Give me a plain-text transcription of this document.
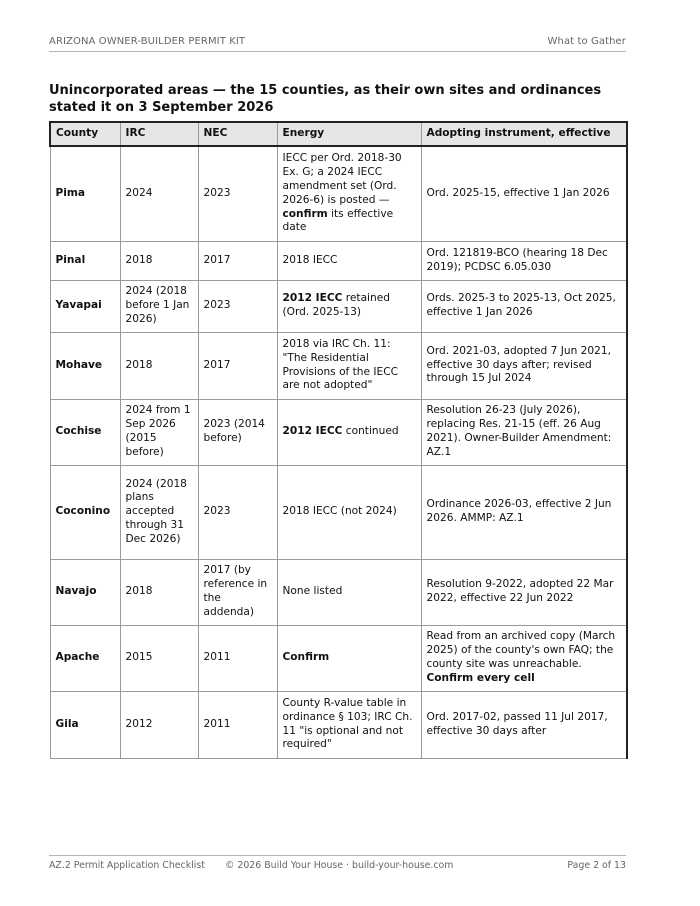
ARIZONA OWNER-BUILDER PERMIT KIT	What to Gather
Unincorporated areas — the 15 counties, as their own sites and ordinances stated it on 3 September 2026
County	IRC	NEC	Energy	Adopting instrument, effective
Pima	2024	2023	IECC per Ord. 2018-30 Ex. G; a 2024 IECC amendment set (Ord. 2026-6) is posted — confirm its effective date	Ord. 2025-15, effective 1 Jan 2026
Pinal	2018	2017	2018 IECC	Ord. 121819-BCO (hearing 18 Dec 2019); PCDSC 6.05.030
Yavapai	2024 (2018 before 1 Jan 2026)	2023	2012 IECC retained (Ord. 2025-13)	Ords. 2025-3 to 2025-13, Oct 2025, effective 1 Jan 2026
Mohave	2018	2017	2018 via IRC Ch. 11: "The Residential Provisions of the IECC are not adopted"	Ord. 2021-03, adopted 7 Jun 2021, effective 30 days after; revised through 15 Jul 2024
Cochise	2024 from 1 Sep 2026 (2015 before)	2023 (2014 before)	2012 IECC continued	Resolution 26-23 (July 2026), replacing Res. 21-15 (eff. 26 Aug 2021). Owner-Builder Amendment: AZ.1
Coconino	2024 (2018 plans accepted through 31 Dec 2026)	2023	2018 IECC (not 2024)	Ordinance 2026-03, effective 2 Jun 2026. AMMP: AZ.1
Navajo	2018	2017 (by reference in the addenda)	None listed	Resolution 9-2022, adopted 22 Mar 2022, effective 22 Jun 2022
Apache	2015	2011	Confirm	Read from an archived copy (March 2025) of the county's own FAQ; the county site was unreachable. Confirm every cell
Gila	2012	2011	County R-value table in ordinance § 103; IRC Ch. 11 "is optional and not required"	Ord. 2017-02, passed 11 Jul 2017, effective 30 days after
AZ.2 Permit Application Checklist	© 2026 Build Your House · build-your-house.com	Page 2 of 13
